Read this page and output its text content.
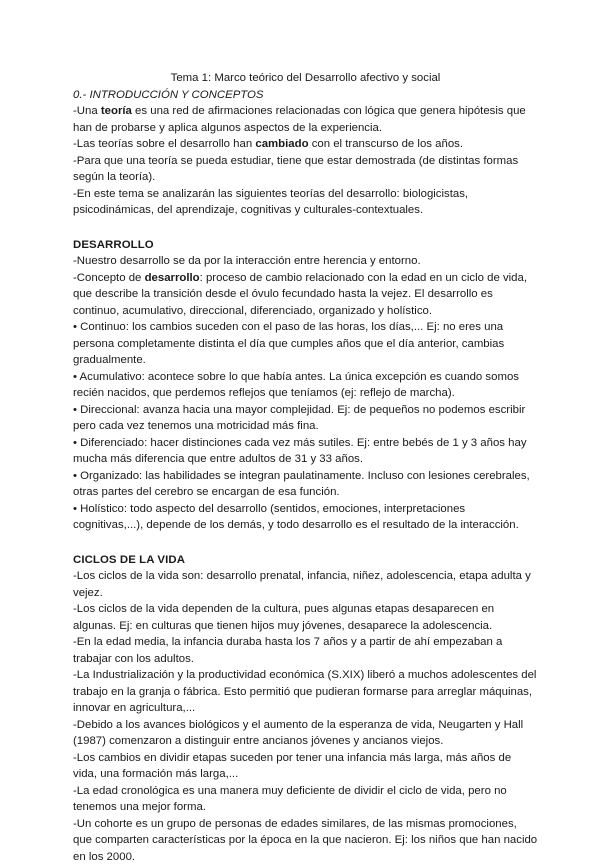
Tema 1: Marco teórico del Desarrollo afectivo y social

0.- INTRODUCCIÓN Y CONCEPTOS

-Una teoría es una red de afirmaciones relacionadas con lógica que genera hipótesis que han de probarse y aplica algunos aspectos de la experiencia.

-Las teorías sobre el desarrollo han cambiado con el transcurso de los años.

-Para que una teoría se pueda estudiar, tiene que estar demostrada (de distintas formas según la teoría).

-En este tema se analizarán las siguientes teorías del desarrollo: biologicistas, psicodinámicas, del aprendizaje, cognitivas y culturales-contextuales.

DESARROLLO

-Nuestro desarrollo se da por la interacción entre herencia y entorno.

-Concepto de desarrollo: proceso de cambio relacionado con la edad en un ciclo de vida, que describe la transición desde el óvulo fecundado hasta la vejez. El desarrollo es continuo, acumulativo, direccional, diferenciado, organizado y holístico.

• Continuo: los cambios suceden con el paso de las horas, los días,... Ej: no eres una persona completamente distinta el día que cumples años que el día anterior, cambias gradualmente.

• Acumulativo: acontece sobre lo que había antes. La única excepción es cuando somos recién nacidos, que perdemos reflejos que teníamos (ej: reflejo de marcha).

• Direccional: avanza hacia una mayor complejidad. Ej: de pequeños no podemos escribir pero cada vez tenemos una motricidad más fina.

• Diferenciado: hacer distinciones cada vez más sutiles. Ej: entre bebés de 1 y 3 años hay mucha más diferencia que entre adultos de 31 y 33 años.

• Organizado: las habilidades se integran paulatinamente. Incluso con lesiones cerebrales, otras partes del cerebro se encargan de esa función.

• Holístico: todo aspecto del desarrollo (sentidos, emociones, interpretaciones cognitivas,...), depende de los demás, y todo desarrollo es el resultado de la interacción.

CICLOS DE LA VIDA

-Los ciclos de la vida son: desarrollo prenatal, infancia, niñez, adolescencia, etapa adulta y vejez.

-Los ciclos de la vida dependen de la cultura, pues algunas etapas desaparecen en algunas. Ej: en culturas que tienen hijos muy jóvenes, desaparece la adolescencia.

-En la edad media, la infancia duraba hasta los 7 años y a partir de ahí empezaban a trabajar con los adultos.

-La Industrialización y la productividad económica (S.XIX) liberó a muchos adolescentes del trabajo en la granja o fábrica. Esto permitió que pudieran formarse para arreglar máquinas, innovar en agricultura,...

-Debido a los avances biológicos y el aumento de la esperanza de vida, Neugarten y Hall (1987) comenzaron a distinguir entre ancianos jóvenes y ancianos viejos.

-Los cambios en dividir etapas suceden por tener una infancia más larga, más años de vida, una formación más larga,...

-La edad cronológica es una manera muy deficiente de dividir el ciclo de vida, pero no tenemos una mejor forma.

-Un cohorte es un grupo de personas de edades similares, de las mismas promociones, que comparten características por la época en la que nacieron. Ej: los niños que han nacido en los 2000.
